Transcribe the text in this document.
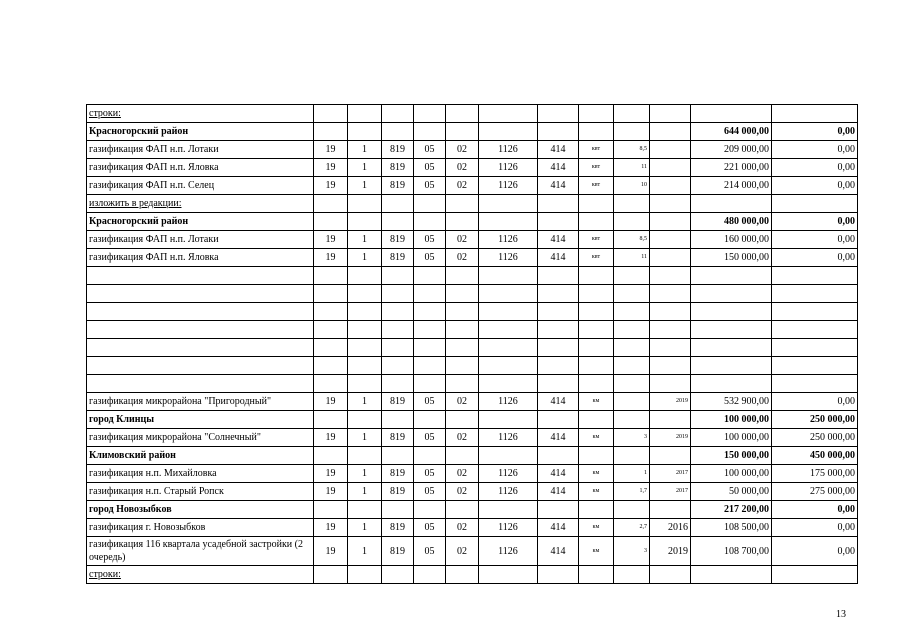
строки:												
Красногорский район											644 000,00	0,00
газификация ФАП н.п. Лотаки	19	1	819	05	02	1126	414	квт	8,5		209 000,00	0,00
газификация ФАП н.п. Яловка	19	1	819	05	02	1126	414	квт	11		221 000,00	0,00
газификация ФАП н.п. Селец	19	1	819	05	02	1126	414	квт	10		214 000,00	0,00
изложить в редакции:												
Красногорский район											480 000,00	0,00
газификация ФАП н.п. Лотаки	19	1	819	05	02	1126	414	квт	8,5		160 000,00	0,00
газификация ФАП н.п. Яловка	19	1	819	05	02	1126	414	квт	11		150 000,00	0,00

газификация микрорайона "Пригородный"	19	1	819	05	02	1126	414	км		2019	532 900,00	0,00
город Клинцы											100 000,00	250 000,00
газификация микрорайона "Солнечный"	19	1	819	05	02	1126	414	км	3	2019	100 000,00	250 000,00
Климовский район											150 000,00	450 000,00
газификация н.п. Михайловка	19	1	819	05	02	1126	414	км	1	2017	100 000,00	175 000,00
газификация н.п. Старый Ропск	19	1	819	05	02	1126	414	км	1,7	2017	50 000,00	275 000,00
город Новозыбков											217 200,00	0,00
газификация г. Новозыбков	19	1	819	05	02	1126	414	км	2,7	2016	108 500,00	0,00
газификация 116 квартала усадебной застройки (2 очередь)	19	1	819	05	02	1126	414	км	3	2019	108 700,00	0,00
строки:												
13
